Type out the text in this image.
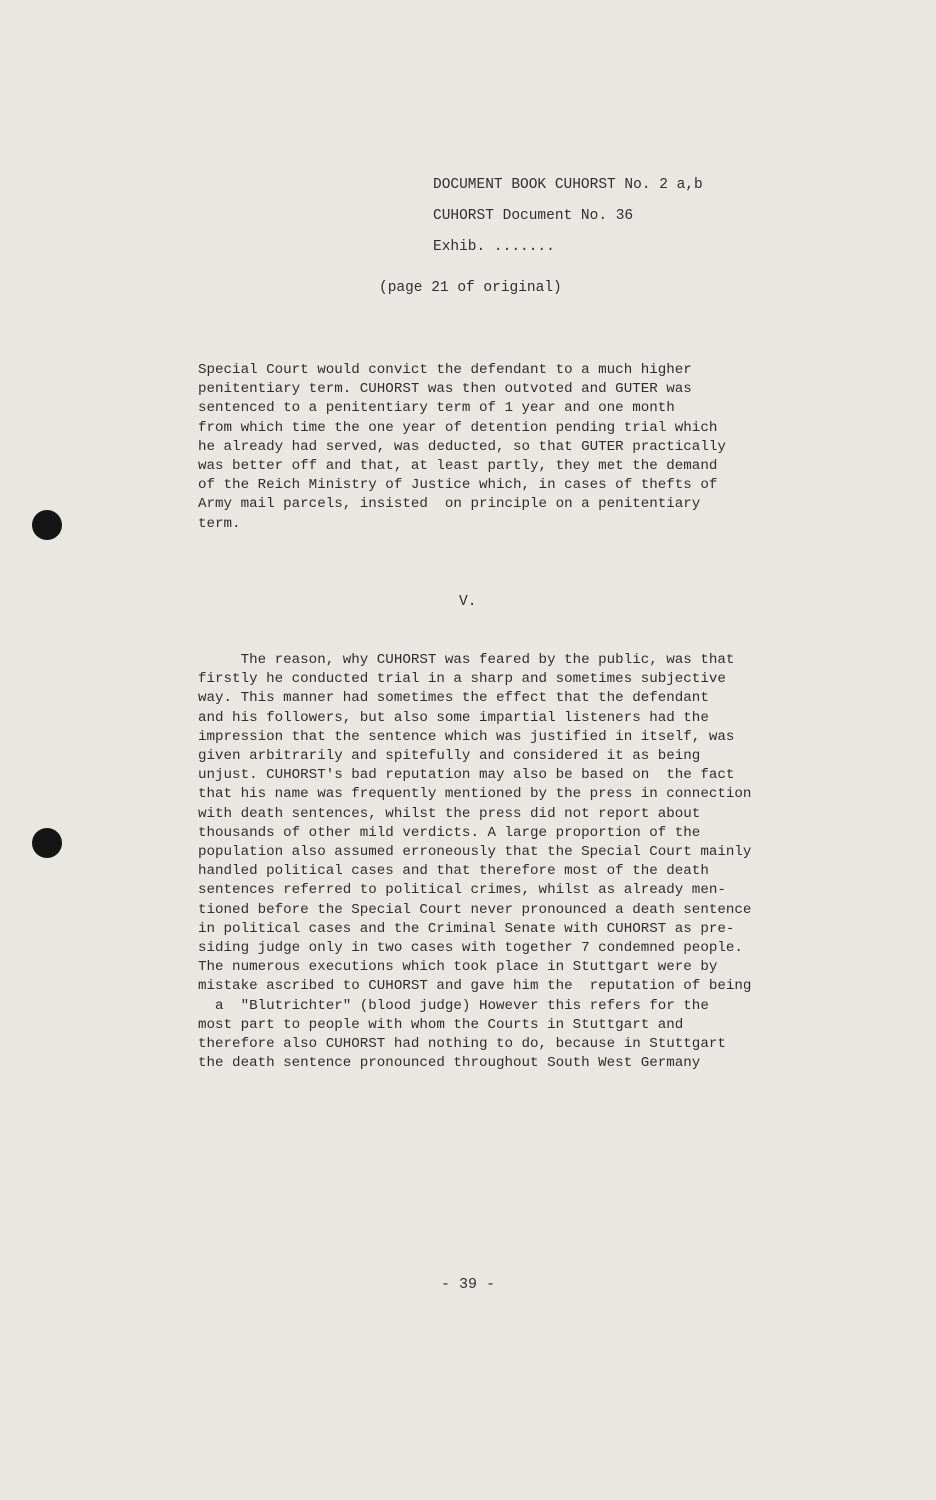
DOCUMENT BOOK CUHORST No. 2 a,b
CUHORST Document No. 36
Exhib. .......
(page 21 of original)
Special Court would convict the defendant to a much higher
penitentiary term. CUHORST was then outvoted and GUTER was
sentenced to a penitentiary term of 1 year and one month
from which time the one year of detention pending trial which
he already had served, was deducted, so that GUTER practically
was better off and that, at least partly, they met the demand
of the Reich Ministry of Justice which, in cases of thefts of
Army mail parcels, insisted  on principle on a penitentiary
term.
V.
The reason, why CUHORST was feared by the public, was that
firstly he conducted trial in a sharp and sometimes subjective
way. This manner had sometimes the effect that the defendant
and his followers, but also some impartial listeners had the
impression that the sentence which was justified in itself, was
given arbitrarily and spitefully and considered it as being
unjust. CUHORST's bad reputation may also be based on  the fact
that his name was frequently mentioned by the press in connection
with death sentences, whilst the press did not report about
thousands of other mild verdicts. A large proportion of the
population also assumed erroneously that the Special Court mainly
handled political cases and that therefore most of the death
sentences referred to political crimes, whilst as already men-
tioned before the Special Court never pronounced a death sentence
in political cases and the Criminal Senate with CUHORST as pre-
siding judge only in two cases with together 7 condemned people.
The numerous executions which took place in Stuttgart were by
mistake ascribed to CUHORST and gave him the  reputation of being
a  "Blutrichter" (blood judge) However this refers for the
most part to people with whom the Courts in Stuttgart and
therefore also CUHORST had nothing to do, because in Stuttgart
the death sentence pronounced throughout South West Germany
- 39 -
